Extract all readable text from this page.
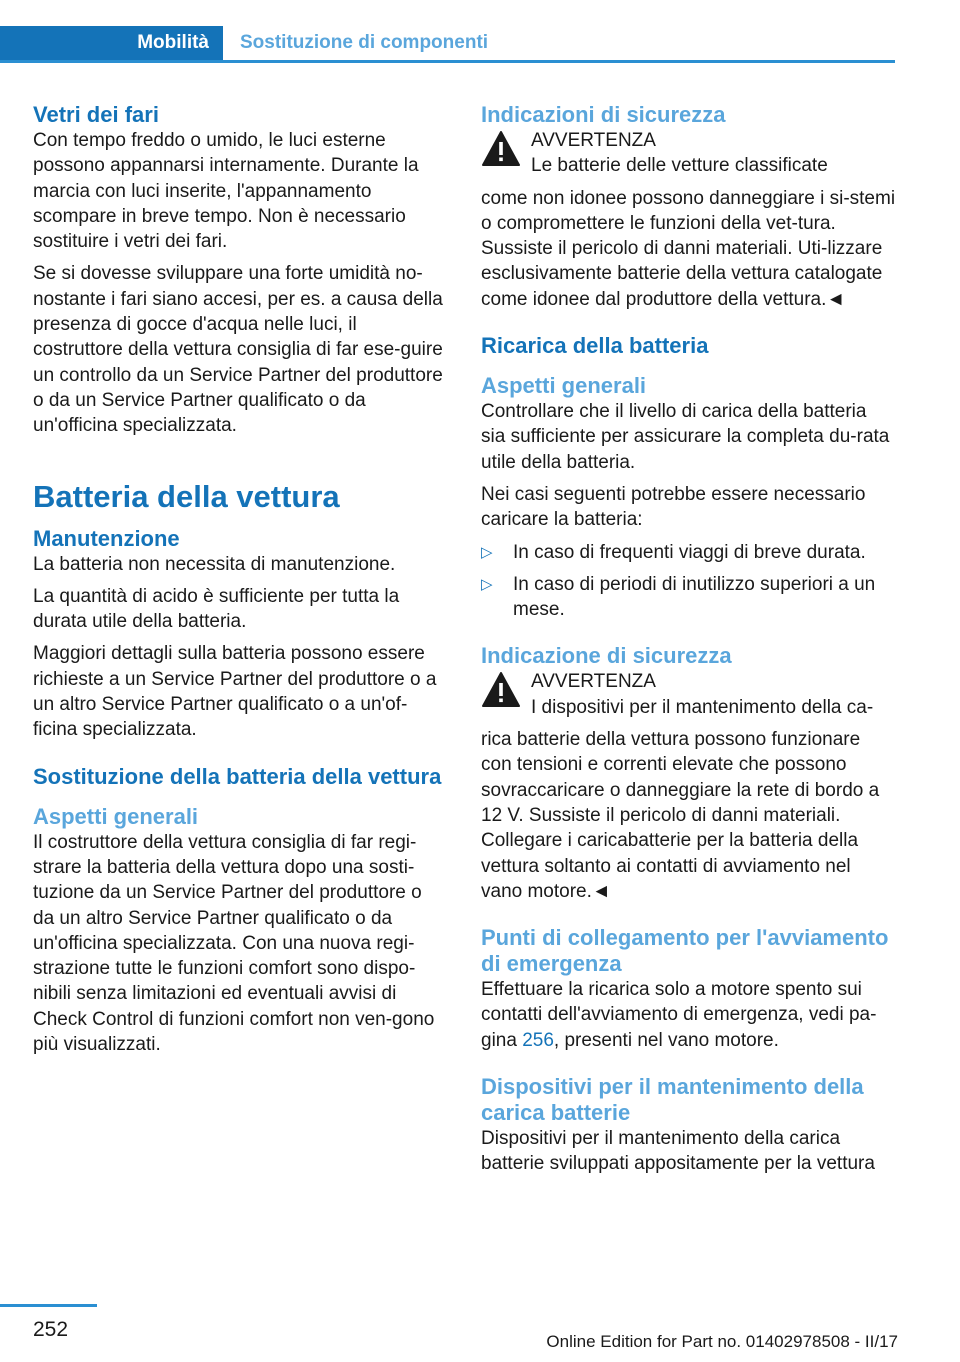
Mobilità	Sostituzione di componenti
Vetri dei fari

Con tempo freddo o umido, le luci esterne possono appannarsi internamente. Durante la marcia con luci inserite, l'appannamento scompare in breve tempo. Non è necessario sostituire i vetri dei fari.

Se si dovesse sviluppare una forte umidità no-nostante i fari siano accesi, per es. a causa della presenza di gocce d'acqua nelle luci, il costruttore della vettura consiglia di far ese-guire un controllo da un Service Partner del produttore o da un Service Partner qualificato o da un'officina specializzata.

Batteria della vettura
Manutenzione

La batteria non necessita di manutenzione.

La quantità di acido è sufficiente per tutta la durata utile della batteria.

Maggiori dettagli sulla batteria possono essere richieste a un Service Partner del produttore o a un altro Service Partner qualificato o a un'of-ficina specializzata.

Sostituzione della batteria della vettura
Aspetti generali

Il costruttore della vettura consiglia di far regi-strare la batteria della vettura dopo una sosti-tuzione da un Service Partner del produttore o da un altro Service Partner qualificato o da un'officina specializzata. Con una nuova regi-strazione tutte le funzioni comfort sono dispo-nibili senza limitazioni ed eventuali avvisi di Check Control di funzioni comfort non ven-gono più visualizzati.

Indicazioni di sicurezza
AVVERTENZA
Le batterie delle vetture classificate
come non idonee possono danneggiare i si-stemi o compromettere le funzioni della vet-tura. Sussiste il pericolo di danni materiali. Uti-lizzare esclusivamente batterie della vettura catalogate come idonee dal produttore della vettura.◄
Ricarica della batteria
Aspetti generali

Controllare che il livello di carica della batteria sia sufficiente per assicurare la completa du-rata utile della batteria.

Nei casi seguenti potrebbe essere necessario caricare la batteria:

▷ In caso di frequenti viaggi di breve durata.
▷ In caso di periodi di inutilizzo superiori a un mese.
Indicazione di sicurezza
AVVERTENZA
I dispositivi per il mantenimento della ca-
rica batterie della vettura possono funzionare con tensioni e correnti elevate che possono sovraccaricare o danneggiare la rete di bordo a 12 V. Sussiste il pericolo di danni materiali. Collegare i caricabatterie per la batteria della vettura soltanto ai contatti di avviamento nel vano motore.◄
Punti di collegamento per l'avviamento di emergenza

Effettuare la ricarica solo a motore spento sui contatti dell'avviamento di emergenza, vedi pa-gina 256, presenti nel vano motore.

Dispositivi per il mantenimento della carica batterie

Dispositivi per il mantenimento della carica batterie sviluppati appositamente per la vettura

252
Online Edition for Part no. 01402978508 - II/17
